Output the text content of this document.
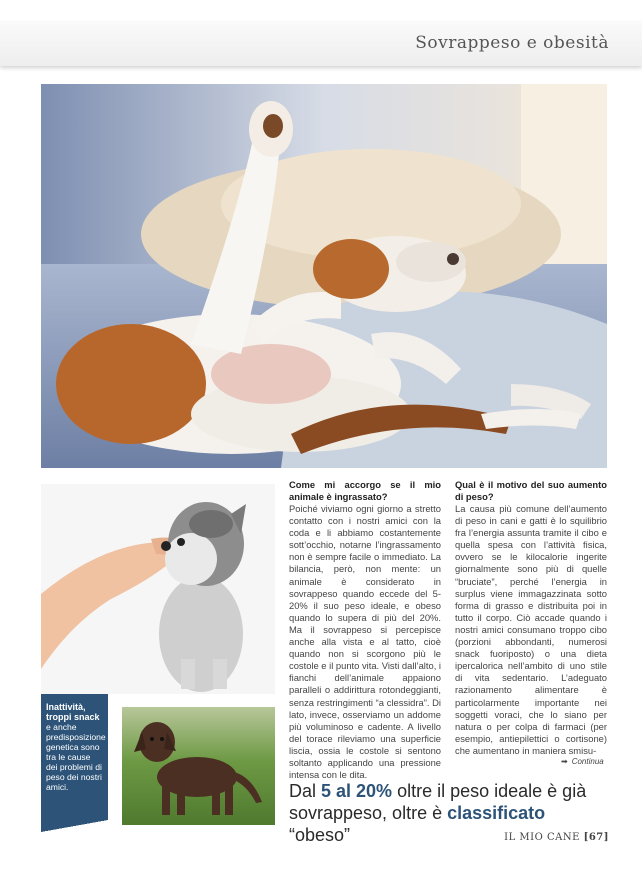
Sovrappeso e obesità
Inattività, troppi snack
e anche predisposizione genetica sono tra le cause dei problemi di peso dei nostri amici.
Come mi accorgo se il mio animale è ingrassato?

Poiché viviamo ogni giorno a stretto contatto con i nostri amici con la coda e li abbiamo costantemente sott’occhio, notarne l’ingrassamento non è sempre facile o immediato. La bilancia, però, non mente: un animale è considerato in sovrappeso quando eccede del 5-20% il suo peso ideale, e obeso quando lo supera di più del 20%. Ma il sovrappeso si percepisce anche alla vista e al tatto, cioè quando non si scorgono più le costole e il punto vita. Visti dall’alto, i fianchi dell’animale appaiono paralleli o addirittura rotondeggianti, senza restringimenti “a clessidra”. Di lato, invece, osserviamo un addome più voluminoso e cadente. A livello del torace rileviamo una superficie liscia, ossia le costole si sentono soltanto applicando una pressione intensa con le dita.

Qual è il motivo del suo aumento di peso?

La causa più comune dell’aumento di peso in cani e gatti è lo squilibrio fra l’energia assunta tramite il cibo e quella spesa con l’attività fisica, ovvero se le kilocalorie ingerite giornalmente sono più di quelle “bruciate”, perché l’energia in surplus viene immagazzinata sotto forma di grasso e distribuita poi in tutto il corpo. Ciò accade quando i nostri amici consumano troppo cibo (porzioni abbondanti, numerosi snack fuoriposto) o una dieta ipercalorica nell’ambito di uno stile di vita sedentario. L’adeguato razionamento alimentare è particolarmente importante nei soggetti voraci, che lo siano per natura o per colpa di farmaci (per esempio, antiepilettici o cortisone) che aumentano in maniera smisu-

➡ Continua
Dal 5 al 20% oltre il peso ideale è già sovrappeso, oltre è classificato “obeso”	IL MIO CANE [67]
